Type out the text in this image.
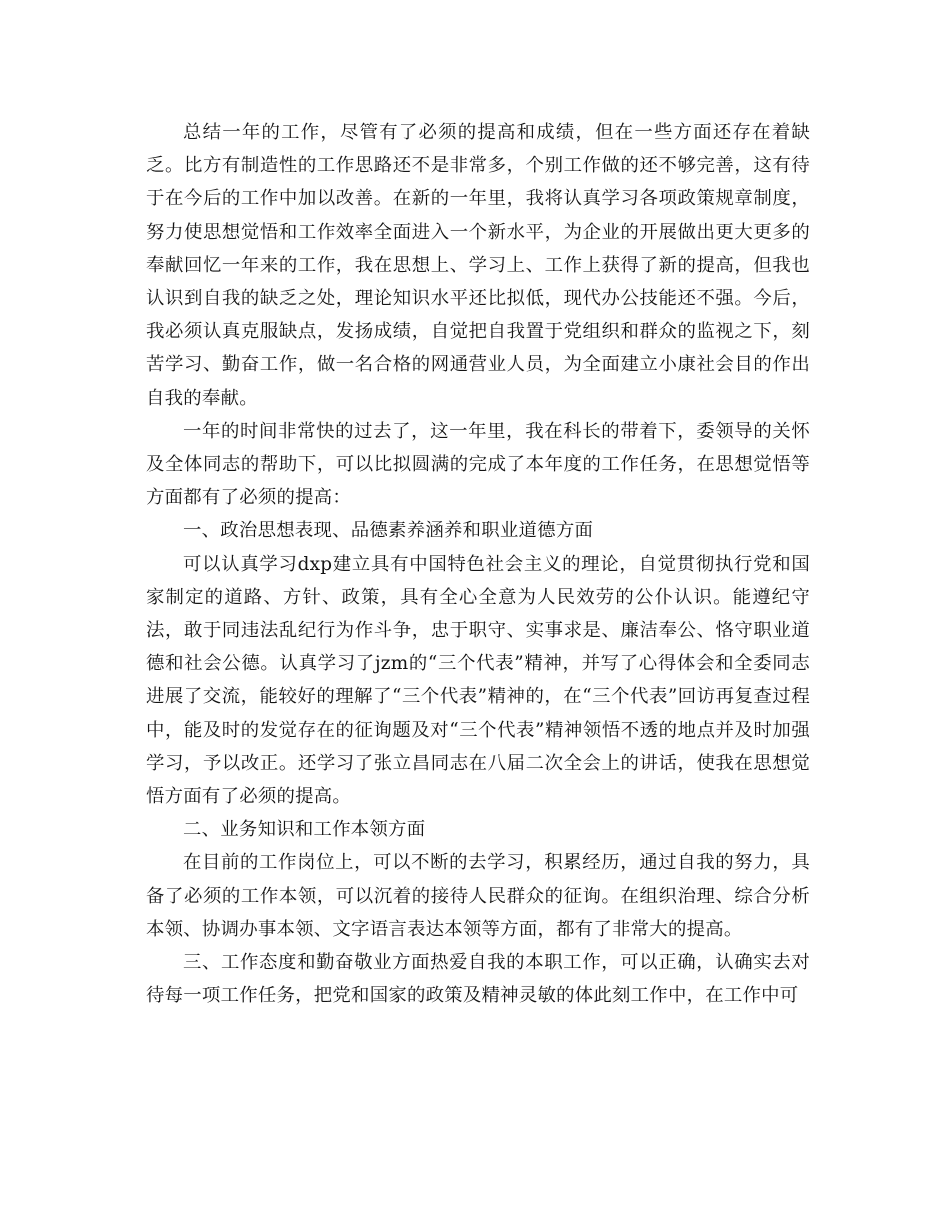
总结一年的工作，尽管有了必须的提高和成绩，但在一些方面还存在着缺乏。比方有制造性的工作思路还不是非常多，个别工作做的还不够完善，这有待于在今后的工作中加以改善。在新的一年里，我将认真学习各项政策规章制度，努力使思想觉悟和工作效率全面进入一个新水平，为企业的开展做出更大更多的奉献回忆一年来的工作，我在思想上、学习上、工作上获得了新的提高，但我也认识到自我的缺乏之处，理论知识水平还比拟低，现代办公技能还不强。今后，我必须认真克服缺点，发扬成绩，自觉把自我置于党组织和群众的监视之下，刻苦学习、勤奋工作，做一名合格的网通营业人员，为全面建立小康社会目的作出自我的奉献。

一年的时间非常快的过去了，这一年里，我在科长的带着下，委领导的关怀及全体同志的帮助下，可以比拟圆满的完成了本年度的工作任务，在思想觉悟等方面都有了必须的提高：

一、政治思想表现、品德素养涵养和职业道德方面

可以认真学习dxp建立具有中国特色社会主义的理论，自觉贯彻执行党和国家制定的道路、方针、政策，具有全心全意为人民效劳的公仆认识。能遵纪守法，敢于同违法乱纪行为作斗争，忠于职守、实事求是、廉洁奉公、恪守职业道德和社会公德。认真学习了jzm的“三个代表”精神，并写了心得体会和全委同志进展了交流，能较好的理解了“三个代表”精神的，在“三个代表”回访再复查过程中，能及时的发觉存在的征询题及对“三个代表”精神领悟不透的地点并及时加强学习，予以改正。还学习了张立昌同志在八届二次全会上的讲话，使我在思想觉悟方面有了必须的提高。

二、业务知识和工作本领方面

在目前的工作岗位上，可以不断的去学习，积累经历，通过自我的努力，具备了必须的工作本领，可以沉着的接待人民群众的征询。在组织治理、综合分析本领、协调办事本领、文字语言表达本领等方面，都有了非常大的提高。

三、工作态度和勤奋敬业方面热爱自我的本职工作，可以正确，认确实去对待每一项工作任务，把党和国家的政策及精神灵敏的体此刻工作中，在工作中可
